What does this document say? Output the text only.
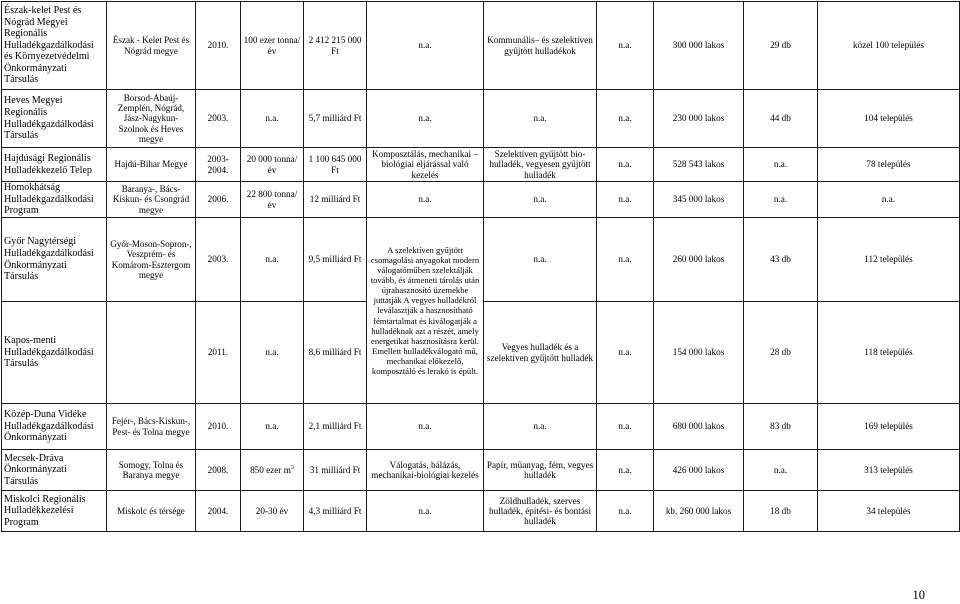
Észak-kelet Pest és Nógrád Megyei Regionális Hulladékgazdálkodási és Környezetvédelmi Önkormányzati Társulás	Észak - Kelet Pest és Nógrád megye	2010.	100 ezer tonna/év	2 412 215 000 Ft	n.a.	Kommunális– és szelektíven gyűjtött hulladékok	n.a.	300 000 lakos	29 db	közel 100 település
Heves Megyei Regionális Hulladékgazdálkodási Társulás	Borsod-Abaúj-Zemplén, Nógrád, Jász-Nagykun-Szolnok és Heves megye	2003.	n.a.	5,7 milliárd Ft	n.a.	n.a.	n.a.	230 000 lakos	44 db	104 település
Hajdúsági Regionális Hulladékkezelő Telep	Hajdú-Bihar Megye	2003-2004.	20 000 tonna/év	1 100 645 000 Ft	Komposztálás, mechanikai –biológiai eljárással való kezelés	Szelektíven gyűjtött bio-hulladék, vegyesen gyűjtött hulladék	n.a.	528 543 lakos	n.a.	78 település
Homokhátság Hulladékgazdálkodási Program	Baranya-, Bács-Kiskun- és Csongrád megye	2006.	22 800 tonna/év	12 milliárd Ft	n.a.	n.a.	n.a.	345 000 lakos	n.a.	n.a.
Győr Nagytérségi Hulladékgazdálkodási Önkormányzati Társulás	Győr-Moson-Sopron-, Veszprém- és Komárom-Esztergom megye	2003.	n.a.	9,5 milliárd Ft	A szelektíven gyűjtött csomagolási anyagokat modern válogatóműben szelektálják tovább, és átmeneti tárolás után újrahasznosító üzemekbe juttatják A vegyes hulladékról leválasztják a hasznosítható fémtartalmat és kiválogatják a hulladéknak azt a részét, amely energetikai hasznosításra kerül. Emellett hulladékválogató mű, mechanikai előkezelő, komposztáló és lerakó is épült.	n.a.	n.a.	260 000 lakos	43 db	112 település
Kapos-menti Hulladékgazdálkodási Társulás		2011.	n.a.	8,6 milliárd Ft		Vegyes hulladék és a szelektíven gyűjtött hulladék	n.a.	154 000 lakos	28 db	118 település
Közép-Duna Vidéke Hulladékgazdálkodási Önkormányzati	Fejér-, Bács-Kiskun-, Pest- és Tolna megye	2010.	n.a.	2,1 milliárd Ft	n.a.	n.a.	n.a.	680 000 lakos	83 db	169 település
Mecsek-Dráva Önkormányzati Társulás	Somogy, Tolna és Baranya megye	2008.	850 ezer $m^3$	31 milliárd Ft	Válogatás, bálázás, mechanikai-biológiai kezelés	Papír, műanyag, fém, vegyes hulladék	n.a.	426 000 lakos	n.a.	313 település
Miskolci Regionális Hulladékkezelési Program	Miskolc és térsége	2004.	20-30 év	4,3 milliárd Ft	n.a.	Zöldhulladék, szerves hulladék, építési- és bontási hulladék	n.a.	kb. 260 000 lakos	18 db	34 település
10
